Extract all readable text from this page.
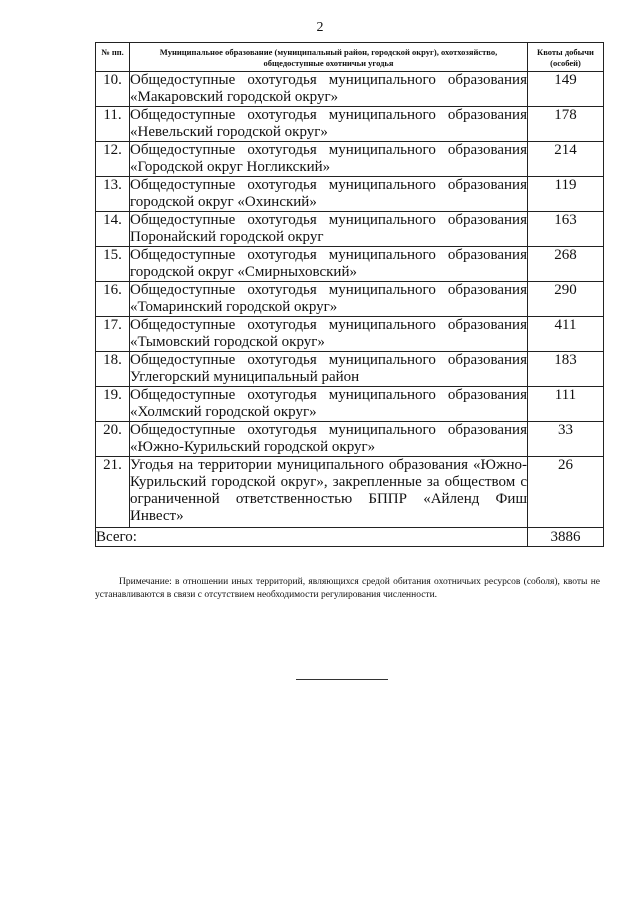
2
№ пп.	Муниципальное образование (муниципальный район, городской округ), охотхозяйство, общедоступные охотничьи угодья	Квоты добычи (особей)
10.	Общедоступные охотугодья муниципального образования «Макаровский городской округ»	149
11.	Общедоступные охотугодья муниципального образования «Невельский городской округ»	178
12.	Общедоступные охотугодья муниципального образования «Городской округ Ногликский»	214
13.	Общедоступные охотугодья муниципального образования городской округ «Охинский»	119
14.	Общедоступные охотугодья муниципального образования Поронайский городской округ	163
15.	Общедоступные охотугодья муниципального образования городской округ «Смирныховский»	268
16.	Общедоступные охотугодья муниципального образования «Томаринский городской округ»	290
17.	Общедоступные охотугодья муниципального образования «Тымовский городской округ»	411
18.	Общедоступные охотугодья муниципального образования Углегорский муниципальный район	183
19.	Общедоступные охотугодья муниципального образования «Холмский городской округ»	111
20.	Общедоступные охотугодья муниципального образования «Южно-Курильский городской округ»	33
21.	Угодья на территории муниципального образования «Южно-Курильский городской округ», закрепленные за обществом с ограниченной ответственностью БППР «Айленд Фиш Инвест»	26
Всего:		3886
Примечание: в отношении иных территорий, являющихся средой обитания охотничьих ресурсов (соболя), квоты не устанавливаются в связи с отсутствием необходимости регулирования численности.
